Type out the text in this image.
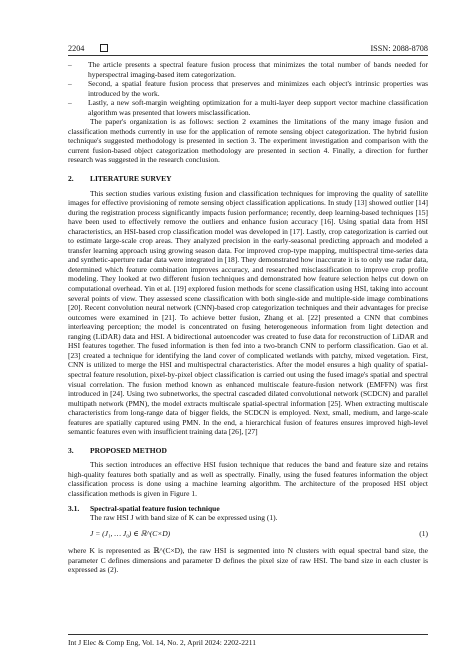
2204	ISSN: 2088-8708
–	The article presents a spectral feature fusion process that minimizes the total number of bands needed for hyperspectral imaging-based item categorization.
–	Second, a spatial feature fusion process that preserves and minimizes each object's intrinsic properties was introduced by the work.
–	Lastly, a new soft-margin weighting optimization for a multi-layer deep support vector machine classification algorithm was presented that lowers misclassification.

The paper's organization is as follows: section 2 examines the limitations of the many image fusion and classification methods currently in use for the application of remote sensing object categorization. The hybrid fusion technique's suggested methodology is presented in section 3. The experiment investigation and comparison with the current fusion-based object categorization methodology are presented in section 4. Finally, a direction for further research was suggested in the research conclusion.

2.	LITERATURE SURVEY

This section studies various existing fusion and classification techniques for improving the quality of satellite images for effective provisioning of remote sensing object classification applications. In study [13] showed outlier [14] during the registration process significantly impacts fusion performance; recently, deep learning-based techniques [15] have been used to effectively remove the outliers and enhance fusion accuracy [16]. Using spatial data from HSI characteristics, an HSI-based crop classification model was developed in [17]. Lastly, crop categorization is carried out to estimate large-scale crop areas. They analyzed precision in the early-seasonal predicting approach and modeled a transfer learning approach using growing season data. For improved crop-type mapping, multispectral time-series data and synthetic-aperture radar data were integrated in [18]. They demonstrated how inaccurate it is to only use radar data, determined which feature combination improves accuracy, and researched misclassification to improve crop profile modeling. They looked at two different fusion techniques and demonstrated how feature selection helps cut down on computational overhead. Yin et al. [19] explored fusion methods for scene classification using HSI, taking into account several points of view. They assessed scene classification with both single-side and multiple-side image combinations [20]. Recent convolution neural network (CNN)-based crop categorization techniques and their advantages for precise outcomes were examined in [21]. To achieve better fusion, Zhang et al. [22] presented a CNN that combines interleaving perception; the model is concentrated on fusing heterogeneous information from light detection and ranging (LiDAR) data and HSI. A bidirectional autoencoder was created to fuse data for reconstruction of LiDAR and HSI features together. The fused information is then fed into a two-branch CNN to perform classification. Gao et al. [23] created a technique for identifying the land cover of complicated wetlands with patchy, mixed vegetation. First, CNN is utilized to merge the HSI and multispectral characteristics. After the model ensures a high quality of spatial-spectral feature resolution, pixel-by-pixel object classification is carried out using the fused image's spatial and spectral visual correlation. The fusion method known as enhanced multiscale feature-fusion network (EMFFN) was first introduced in [24]. Using two subnetworks, the spectral cascaded dilated convolutional network (SCDCN) and parallel multipath network (PMN), the model extracts multiscale spatial-spectral information [25]. When extracting multiscale characteristics from long-range data of bigger fields, the SCDCN is employed. Next, small, medium, and large-scale features are spatially captured using PMN. In the end, a hierarchical fusion of features ensures improved high-level semantic features even with insufficient training data [26], [27]

3.	PROPOSED METHOD

This section introduces an effective HSI fusion technique that reduces the band and feature size and retains high-quality features both spatially and as well as spectrally. Finally, using the fused features information the object classification process is done using a machine learning algorithm. The architecture of the proposed HSI object classification methods is given in Figure 1.

3.1.	Spectral-spatial feature fusion technique

The raw HSI J with band size of K can be expressed using (1).

J = (J₁, … J₀) ∈ ℝ^(C×D)	(1)

where K is represented as ℝ^(C×D), the raw HSI is segmented into N clusters with equal spectral band size, the parameter C defines dimensions and parameter D defines the pixel size of raw HSI. The band size in each cluster is expressed as (2).

Int J Elec & Comp Eng, Vol. 14, No. 2, April 2024: 2202-2211
